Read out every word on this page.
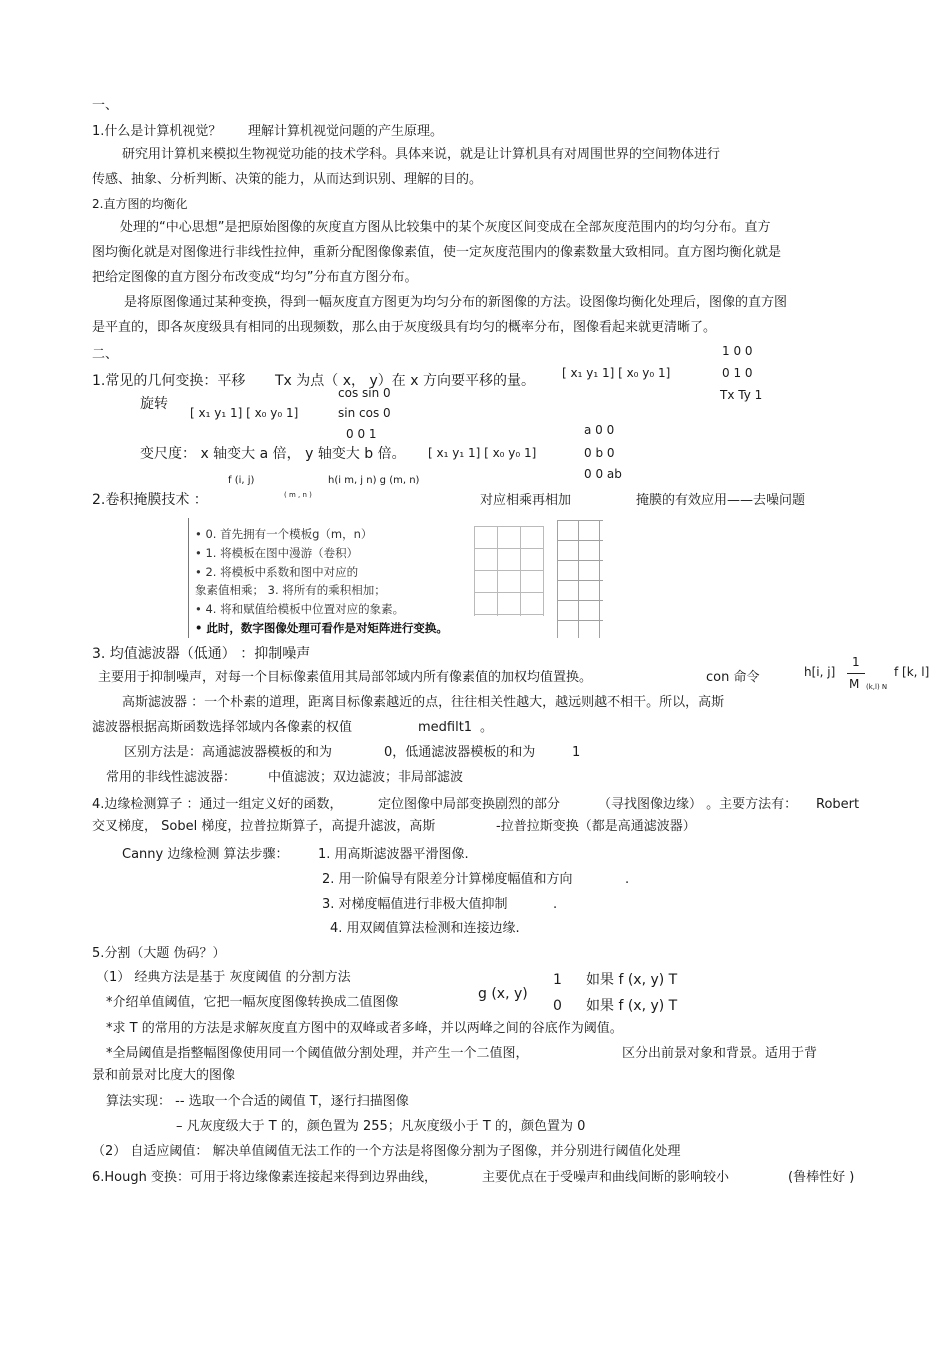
一、
1.什么是计算机视觉？ 理解计算机视觉问题的产生原理。
研究用计算机来模拟生物视觉功能的技术学科。具体来说，就是让计算机具有对周围世界的空间物体进行
传感、抽象、分析判断、决策的能力，从而达到识别、理解的目的。
2.直方图的均衡化
处理的“中心思想”是把原始图像的灰度直方图从比较集中的某个灰度区间变成在全部灰度范围内的均匀分布。直方
图均衡化就是对图像进行非线性拉伸，重新分配图像像素值，使一定灰度范围内的像素数量大致相同。直方图均衡化就是
把给定图像的直方图分布改变成“均匀”分布直方图分布。
是将原图像通过某种变换，得到一幅灰度直方图更为均匀分布的新图像的方法。设图像均衡化处理后，图像的直方图
是平直的，即各灰度级具有相同的出现频数，那么由于灰度级具有均匀的概率分布，图像看起来就更清晰了。
二、	1 0 0
[ x₁ y₁ 1] [ x₀ y₀ 1]	0 1 0
Tx Ty 1
1.常见的几何变换：平移 Tx 为点（ x， y）在 x 方向要平移的量。
cos sin 0
旋转
[ x₁ y₁ 1] [ x₀ y₀ 1]	sin cos 0
0 0 1	a 0 0
变尺度： x 轴变大 a 倍， y 轴变大 b 倍。 [ x₁ y₁ 1] [ x₀ y₀ 1]	0 b 0
0 0 ab
f (i, j)	h(i m, j n) g (m, n)
( m , n )
2.卷积掩膜技术 ：	对应相乘再相加	掩膜的有效应用——去噪问题
• 0. 首先拥有一个模板g（m，n）
• 1. 将模板在图中漫游（卷积）
• 2. 将模板中系数和图中对应的
象素值相乘； 3. 将所有的乘积相加；
• 4. 将和赋值给模板中位置对应的象素。
• 此时，数字图像处理可看作是对矩阵进行变换。
3. 均值滤波器（低通） ：抑制噪声	1
h[i, j]	f [k, l]
M (k,l) N
主要用于抑制噪声，对每一个目标像素值用其局部邻域内所有像素值的加权均值置换。	con 命令
高斯滤波器 ：一个朴素的道理，距离目标像素越近的点，往往相关性越大，越远则越不相干。所以，高斯
滤波器根据高斯函数选择邻域内各像素的权值	medfilt1 。
区别方法是：高通滤波器模板的和为	0，低通滤波器模板的和为	1
常用的非线性滤波器： 中值滤波；双边滤波；非局部滤波
4.边缘检测算子 ：通过一组定义好的函数，	定位图像中局部变换剧烈的部分	（寻找图像边缘） 。主要方法有： Robert
交叉梯度， Sobel 梯度，拉普拉斯算子，高提升滤波，高斯	-拉普拉斯变换（都是高通滤波器）
Canny 边缘检测 算法步骤： 1. 用高斯滤波器平滑图像.
2. 用一阶偏导有限差分计算梯度幅值和方向	.
3. 对梯度幅值进行非极大值抑制	.
4. 用双阈值算法检测和连接边缘.
5.分割（大题 伪码？）
（1） 经典方法是基于 灰度阈值 的分割方法	1 如果 f (x, y) T
g (x, y)
*介绍单值阈值，它把一幅灰度图像转换成二值图像	0 如果 f (x, y) T
*求 T 的常用的方法是求解灰度直方图中的双峰或者多峰，并以两峰之间的谷底作为阈值。
*全局阈值是指整幅图像使用同一个阈值做分割处理，并产生一个二值图，	区分出前景对象和背景。适用于背
景和前景对比度大的图像
算法实现： -- 选取一个合适的阈值 T，逐行扫描图像
– 凡灰度级大于 T 的，颜色置为 255；凡灰度级小于 T 的，颜色置为 0
（2） 自适应阈值： 解决单值阈值无法工作的一个方法是将图像分割为子图像，并分别进行阈值化处理
6.Hough 变换：可用于将边缘像素连接起来得到边界曲线，	主要优点在于受噪声和曲线间断的影响较小	(鲁棒性好 )
